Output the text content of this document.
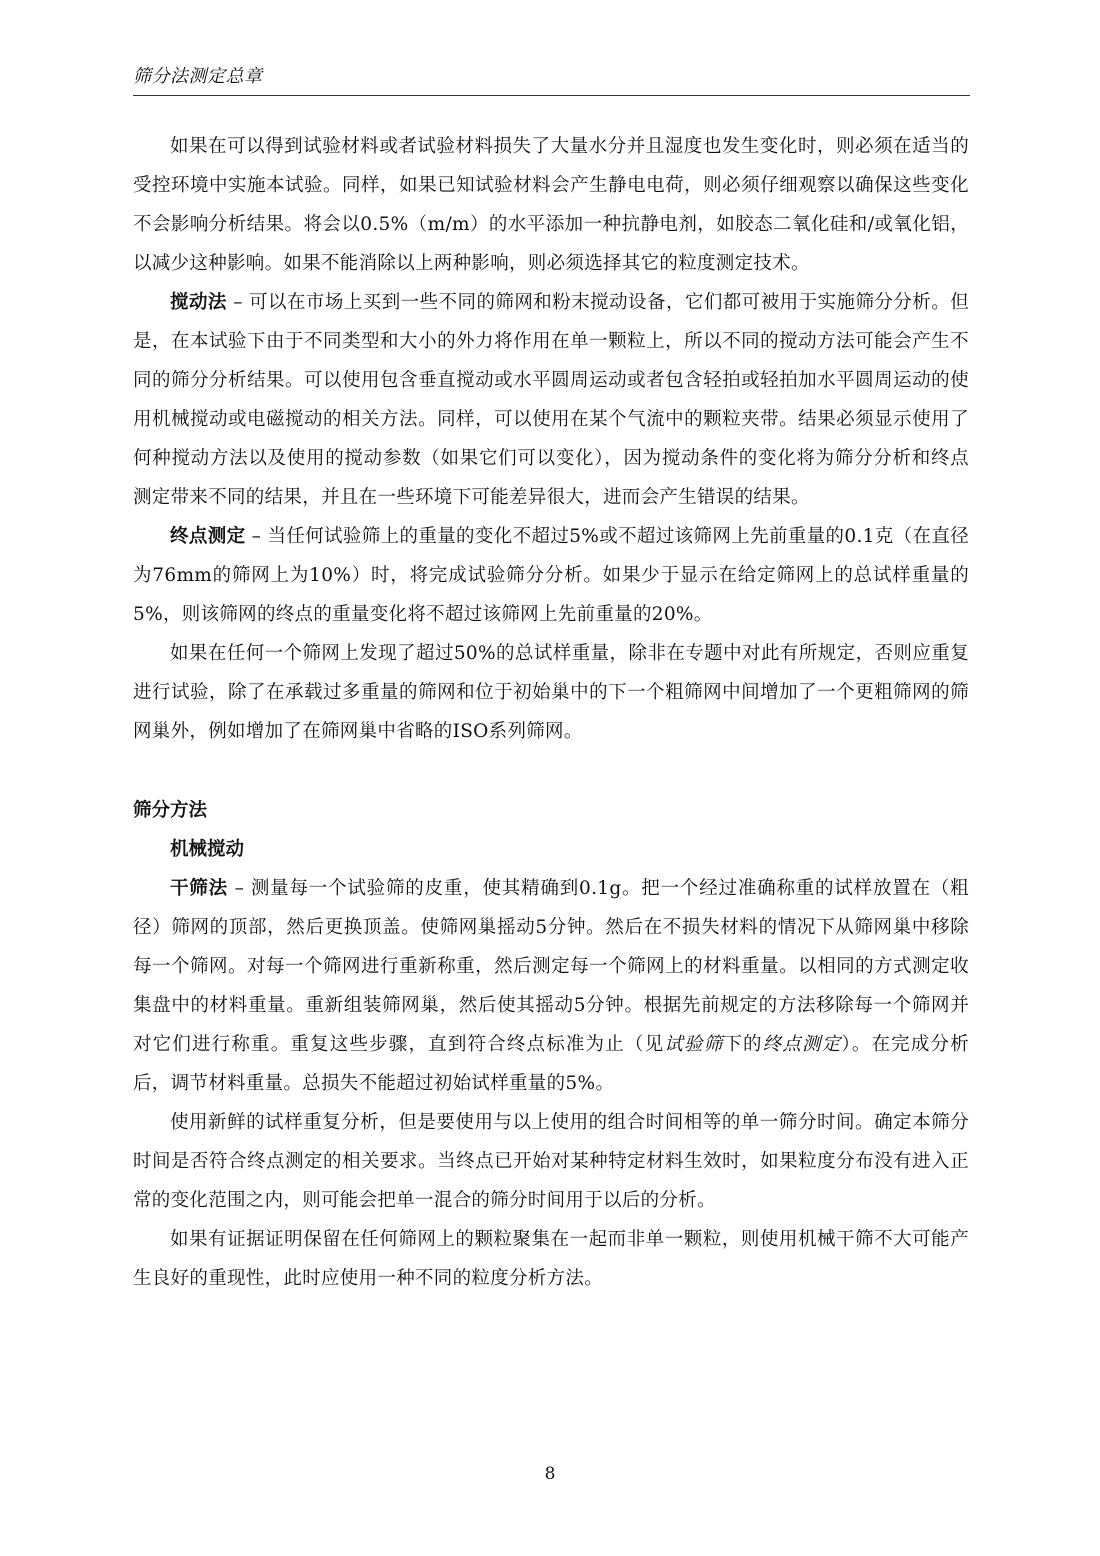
筛分法测定总章

如果在可以得到试验材料或者试验材料损失了大量水分并且湿度也发生变化时，则必须在适当的受控环境中实施本试验。同样，如果已知试验材料会产生静电电荷，则必须仔细观察以确保这些变化不会影响分析结果。将会以0.5%（m/m）的水平添加一种抗静电剂，如胶态二氧化硅和/或氧化铝，以减少这种影响。如果不能消除以上两种影响，则必须选择其它的粒度测定技术。

搅动法 – 可以在市场上买到一些不同的筛网和粉末搅动设备，它们都可被用于实施筛分分析。但是，在本试验下由于不同类型和大小的外力将作用在单一颗粒上，所以不同的搅动方法可能会产生不同的筛分分析结果。可以使用包含垂直搅动或水平圆周运动或者包含轻拍或轻拍加水平圆周运动的使用机械搅动或电磁搅动的相关方法。同样，可以使用在某个气流中的颗粒夹带。结果必须显示使用了何种搅动方法以及使用的搅动参数（如果它们可以变化），因为搅动条件的变化将为筛分分析和终点测定带来不同的结果，并且在一些环境下可能差异很大，进而会产生错误的结果。

终点测定 – 当任何试验筛上的重量的变化不超过5%或不超过该筛网上先前重量的0.1克（在直径为76mm的筛网上为10%）时，将完成试验筛分分析。如果少于显示在给定筛网上的总试样重量的5%，则该筛网的终点的重量变化将不超过该筛网上先前重量的20%。

如果在任何一个筛网上发现了超过50%的总试样重量，除非在专题中对此有所规定，否则应重复进行试验，除了在承载过多重量的筛网和位于初始巢中的下一个粗筛网中间增加了一个更粗筛网的筛网巢外，例如增加了在筛网巢中省略的ISO系列筛网。

筛分方法
机械搅动

干筛法 – 测量每一个试验筛的皮重，使其精确到0.1g。把一个经过准确称重的试样放置在（粗径）筛网的顶部，然后更换顶盖。使筛网巢摇动5分钟。然后在不损失材料的情况下从筛网巢中移除每一个筛网。对每一个筛网进行重新称重，然后测定每一个筛网上的材料重量。以相同的方式测定收集盘中的材料重量。重新组装筛网巢，然后使其摇动5分钟。根据先前规定的方法移除每一个筛网并对它们进行称重。重复这些步骤，直到符合终点标准为止（见试验筛下的终点测定）。在完成分析后，调节材料重量。总损失不能超过初始试样重量的5%。

使用新鲜的试样重复分析，但是要使用与以上使用的组合时间相等的单一筛分时间。确定本筛分时间是否符合终点测定的相关要求。当终点已开始对某种特定材料生效时，如果粒度分布没有进入正常的变化范围之内，则可能会把单一混合的筛分时间用于以后的分析。

如果有证据证明保留在任何筛网上的颗粒聚集在一起而非单一颗粒，则使用机械干筛不大可能产生良好的重现性，此时应使用一种不同的粒度分析方法。

8
